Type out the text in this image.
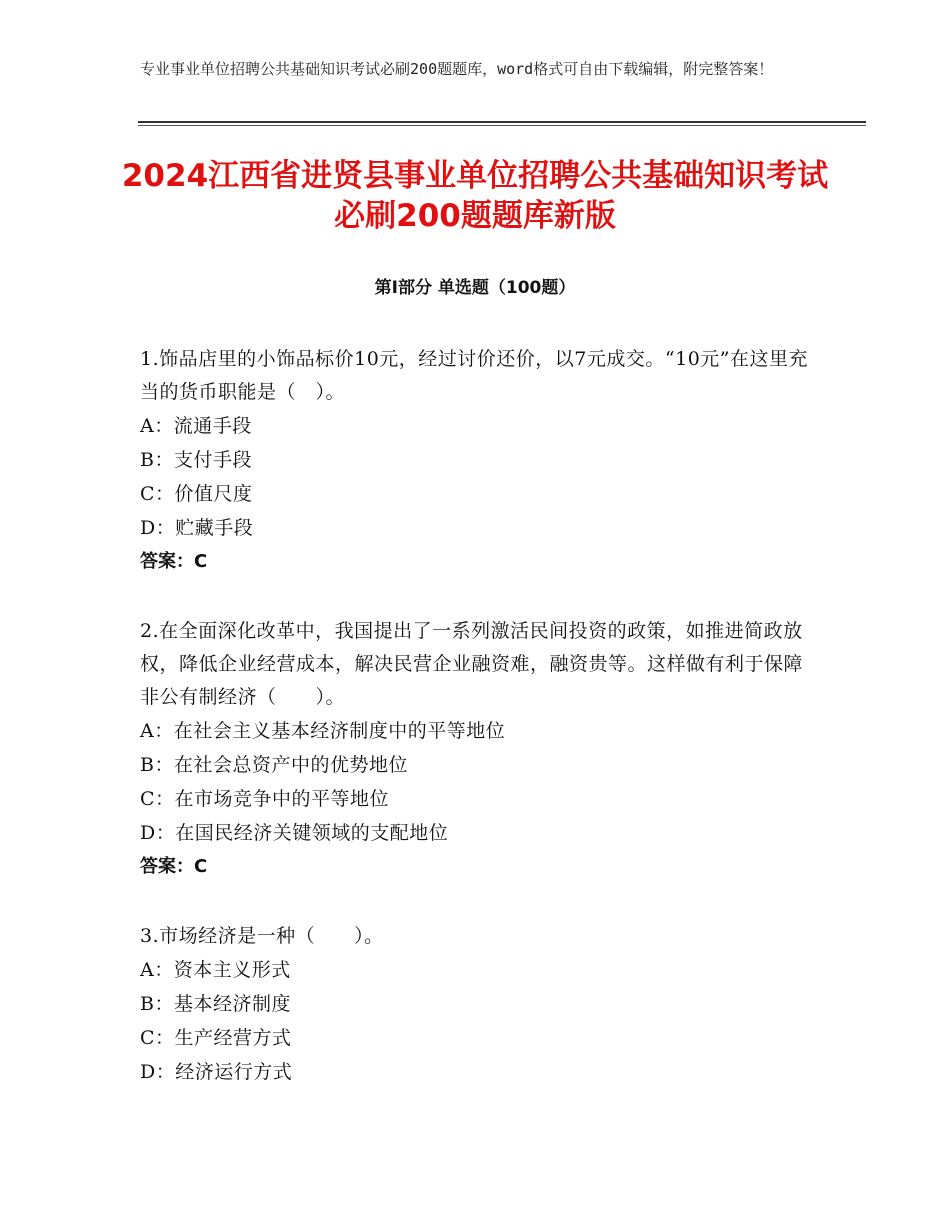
专业事业单位招聘公共基础知识考试必刷200题题库，word格式可自由下载编辑，附完整答案！
2024江西省进贤县事业单位招聘公共基础知识考试必刷200题题库新版
第Ⅰ部分 单选题（100题）

1.饰品店里的小饰品标价10元，经过讨价还价，以7元成交。“10元”在这里充当的货币职能是（　）。

A：流通手段

B：支付手段

C：价值尺度

D：贮藏手段

答案：C

2.在全面深化改革中，我国提出了一系列激活民间投资的政策，如推进简政放权，降低企业经营成本，解决民营企业融资难，融资贵等。这样做有利于保障非公有制经济（　　）。

A：在社会主义基本经济制度中的平等地位

B：在社会总资产中的优势地位

C：在市场竞争中的平等地位

D：在国民经济关键领域的支配地位

答案：C

3.市场经济是一种（　　）。

A：资本主义形式

B：基本经济制度

C：生产经营方式

D：经济运行方式
